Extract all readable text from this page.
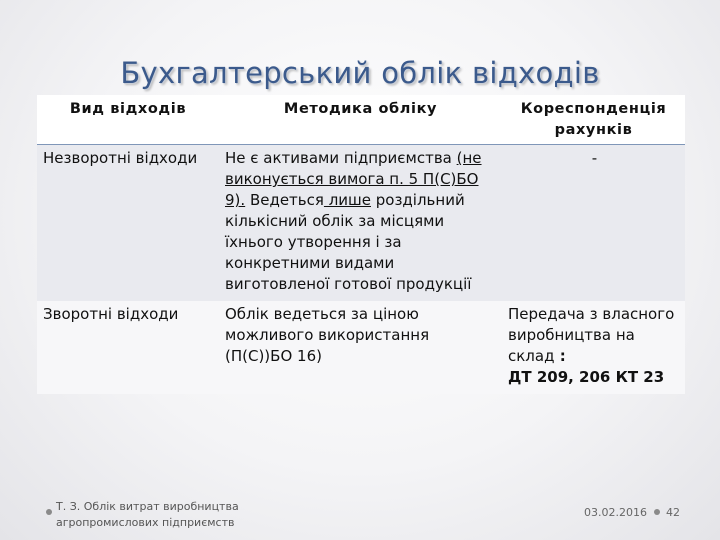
Бухгалтерський облік відходів
Вид відходів	Методика обліку	Кореспонденція рахунків
Незворотні відходи	Не є активами підприємства (не виконується вимога п. 5 П(С)БО 9). Ведеться лише роздільний кількісний облік за місцями їхнього утворення і за конкретними видами виготовленої готової продукції	-
Зворотні відходи	Облік ведеться за ціною можливого використання (П(С))БО 16)	Передача з власного виробництва на склад :
ДТ 209, 206 КТ 23
Т. З. Облік витрат виробництва агропромислових підприємств
03.02.2016 42
